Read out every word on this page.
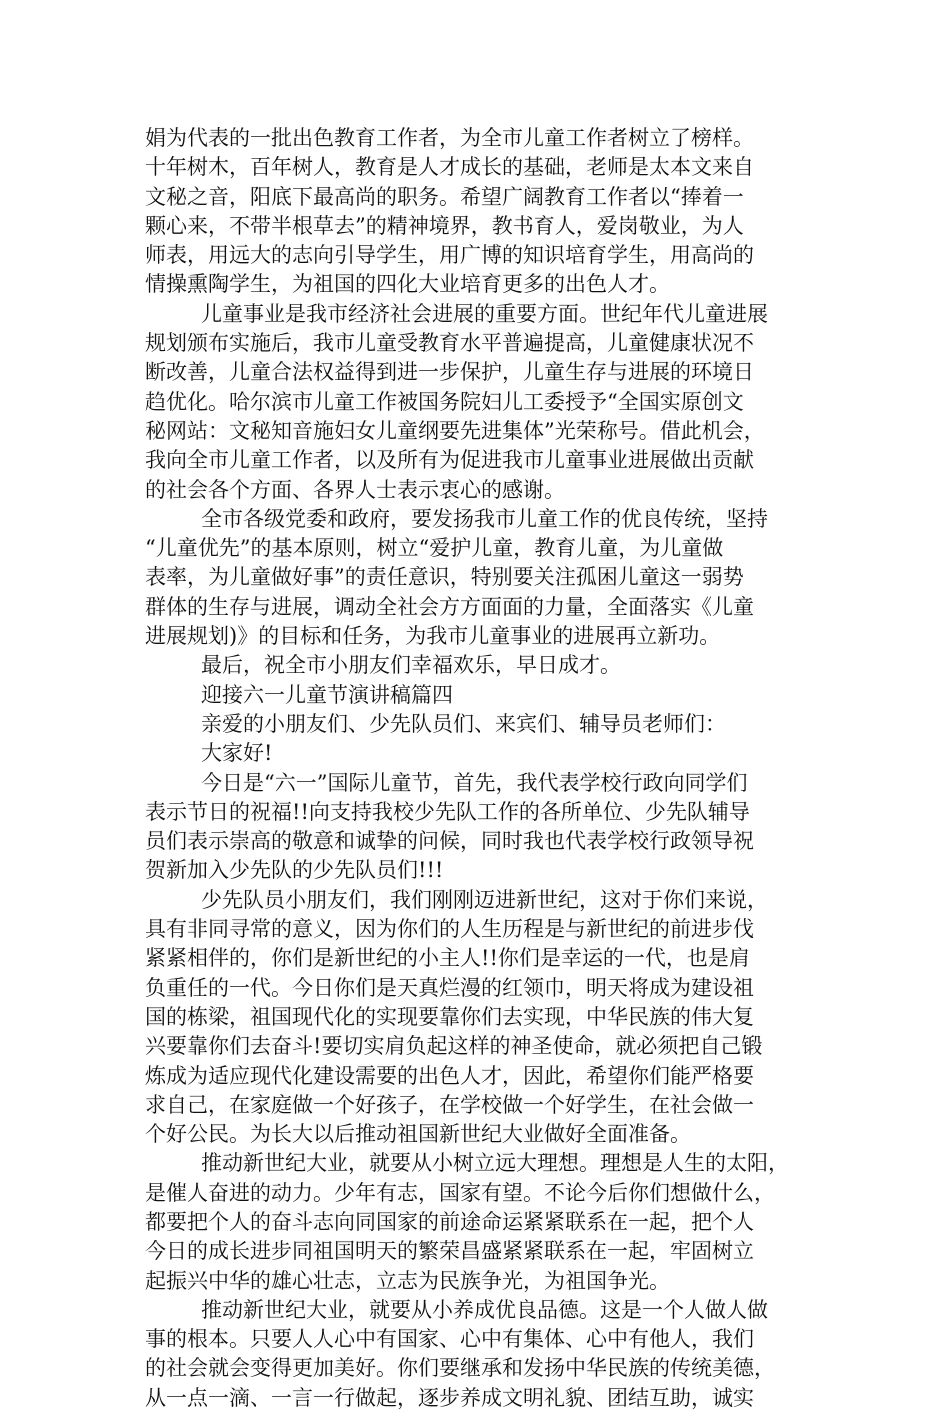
娟为代表的一批出色教育工作者，为全市儿童工作者树立了榜样。
十年树木，百年树人，教育是人才成长的基础，老师是太本文来自
文秘之音，阳底下最高尚的职务。希望广阔教育工作者以“捧着一
颗心来，不带半根草去”的精神境界，教书育人，爱岗敬业，为人
师表，用远大的志向引导学生，用广博的知识培育学生，用高尚的
情操熏陶学生，为祖国的四化大业培育更多的出色人才。
儿童事业是我市经济社会进展的重要方面。世纪年代儿童进展
规划颁布实施后，我市儿童受教育水平普遍提高，儿童健康状况不
断改善，儿童合法权益得到进一步保护，儿童生存与进展的环境日
趋优化。哈尔滨市儿童工作被国务院妇儿工委授予“全国实原创文
秘网站：文秘知音施妇女儿童纲要先进集体”光荣称号。借此机会，
我向全市儿童工作者，以及所有为促进我市儿童事业进展做出贡献
的社会各个方面、各界人士表示衷心的感谢。
全市各级党委和政府，要发扬我市儿童工作的优良传统，坚持
“儿童优先”的基本原则，树立“爱护儿童，教育儿童，为儿童做
表率，为儿童做好事”的责任意识，特别要关注孤困儿童这一弱势
群体的生存与进展，调动全社会方方面面的力量，全面落实《儿童
进展规划)》的目标和任务，为我市儿童事业的进展再立新功。
最后，祝全市小朋友们幸福欢乐，早日成才。
迎接六一儿童节演讲稿篇四
亲爱的小朋友们、少先队员们、来宾们、辅导员老师们：
大家好!
今日是“六一”国际儿童节，首先，我代表学校行政向同学们
表示节日的祝福!!向支持我校少先队工作的各所单位、少先队辅导
员们表示崇高的敬意和诚挚的问候，同时我也代表学校行政领导祝
贺新加入少先队的少先队员们!!!
少先队员小朋友们，我们刚刚迈进新世纪，这对于你们来说，
具有非同寻常的意义，因为你们的人生历程是与新世纪的前进步伐
紧紧相伴的，你们是新世纪的小主人!!你们是幸运的一代，也是肩
负重任的一代。今日你们是天真烂漫的红领巾，明天将成为建设祖
国的栋梁，祖国现代化的实现要靠你们去实现，中华民族的伟大复
兴要靠你们去奋斗!要切实肩负起这样的神圣使命，就必须把自己锻
炼成为适应现代化建设需要的出色人才，因此，希望你们能严格要
求自己，在家庭做一个好孩子，在学校做一个好学生，在社会做一
个好公民。为长大以后推动祖国新世纪大业做好全面准备。
推动新世纪大业，就要从小树立远大理想。理想是人生的太阳，
是催人奋进的动力。少年有志，国家有望。不论今后你们想做什么，
都要把个人的奋斗志向同国家的前途命运紧紧联系在一起，把个人
今日的成长进步同祖国明天的繁荣昌盛紧紧联系在一起，牢固树立
起振兴中华的雄心壮志，立志为民族争光，为祖国争光。
推动新世纪大业，就要从小养成优良品德。这是一个人做人做
事的根本。只要人人心中有国家、心中有集体、心中有他人，我们
的社会就会变得更加美好。你们要继承和发扬中华民族的传统美德，
从一点一滴、一言一行做起，逐步养成文明礼貌、团结互助，诚实
